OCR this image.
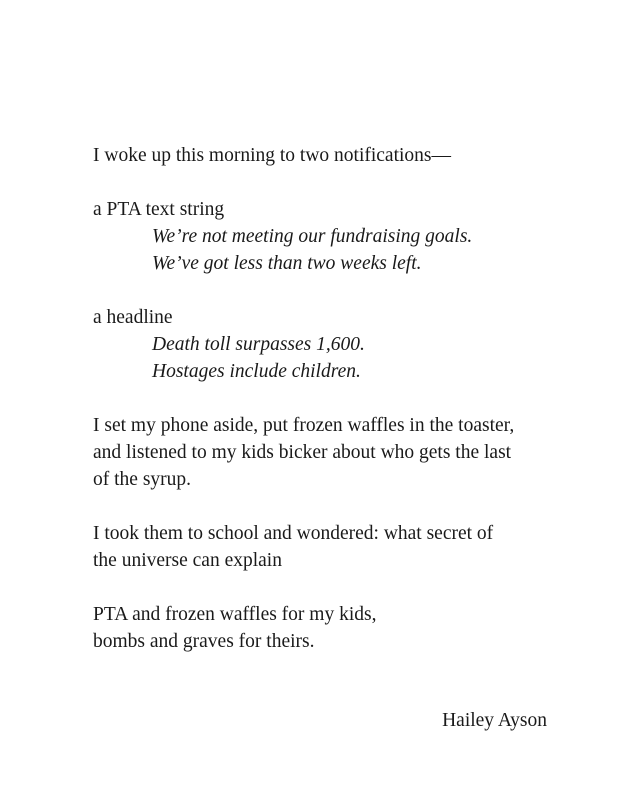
I woke up this morning to two notifications—
a PTA text string
We’re not meeting our fundraising goals.
We’ve got less than two weeks left.
a headline
Death toll surpasses 1,600.
Hostages include children.
I set my phone aside, put frozen waffles in the toaster,
and listened to my kids bicker about who gets the last
of the syrup.
I took them to school and wondered: what secret of
the universe can explain
PTA and frozen waffles for my kids,
bombs and graves for theirs.
Hailey Ayson
